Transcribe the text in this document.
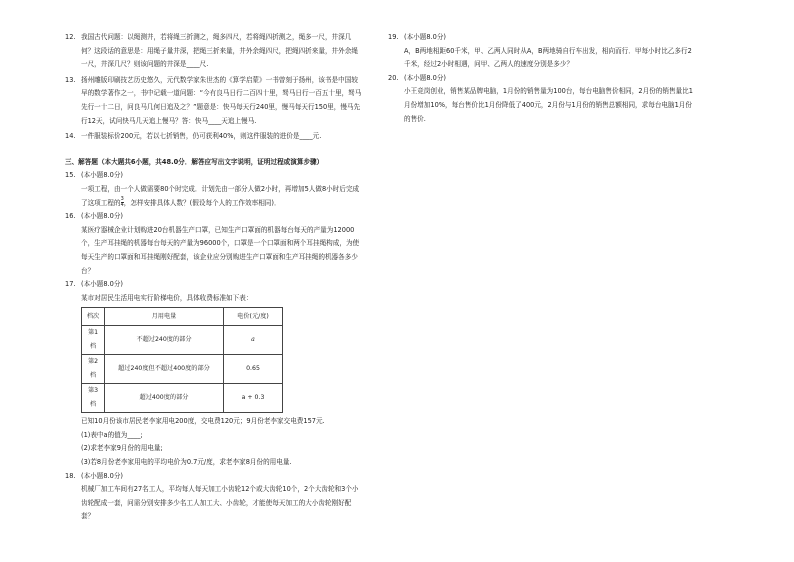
12. 我国古代问题：以绳测井，若将绳三折测之，绳多四尺，若将绳四折测之，绳多一尺，井深几何？这段话的意思是：用绳子量井深，把绳三折来量，井外余绳四尺，把绳四折来量，井外余绳一尺，井深几尺？则该问题的井深是____尺.

13. 扬州雕版印刷技艺历史悠久，元代数学家朱世杰的《算学启蒙》一书曾刻于扬州，该书是中国较早的数学著作之一，书中记载一道问题：“今有良马日行二百四十里，驽马日行一百五十里，驽马先行一十二日，问良马几何日追及之？”题意是：快马每天行240里，慢马每天行150里，慢马先行12天，试问快马几天追上慢马？答：快马____天追上慢马.

14. 一件服装标价200元，若以七折销售，仍可获利40%，则这件服装的进价是____元.

三、解答题（本大题共6小题，共48.0分．解答应写出文字说明，证明过程或演算步骤）

15. (本小题8.0分)

一项工程，由一个人做需要80个时完成．计划先由一部分人做2小时，再增加5人做8小时后完成了这项工程的 $\frac{3}{4}$ ，怎样安排具体人数？(假设每个人的工作效率相同)．

16. (本小题8.0分)

某医疗器械企业计划购进20台机器生产口罩，已知生产口罩面的机器每台每天的产量为12000个，生产耳挂绳的机器每台每天的产量为96000个，口罩是一个口罩面和两个耳挂绳构成，为使每天生产的口罩面和耳挂绳刚好配套，该企业应分别购进生产口罩面和生产耳挂绳的机器各多少台？

17. (本小题8.0分)

某市对居民生活用电实行阶梯电价，具体收费标准如下表：

档次	月用电量	电价(元/度)
第1档	不超过240度的部分	a
第2档	超过240度但不超过400度的部分	0.65
第3档	超过400度的部分	a + 0.3

已知10月份该市居民老李家用电200度，交电费120元；9月份老李家交电费157元.

(1)表中a的值为____;

(2)求老李家9月份的用电量;

(3)若8月份老李家用电的平均电价为0.7元/度，求老李家8月份的用电量.

18. (本小题8.0分)

机械厂加工车间有27名工人，平均每人每天加工小齿轮12个或大齿轮10个，2个大齿轮和3个小齿轮配成一套，问需分别安排多少名工人加工大、小齿轮，才能使每天加工的大小齿轮刚好配套？

19. (本小题8.0分)

A，B两地相距60千米，甲、乙两人同时从A，B两地骑自行车出发，相向而行．甲每小时比乙多行2千米，经过2小时相遇，问甲、乙两人的速度分别是多少？

20. (本小题8.0分)

小王竞岗创业，销售某品牌电脑，1月份的销售量为100台，每台电脑售价相同，2月份的销售量比1月份增加10%，每台售价比1月份降低了400元，2月份与1月份的销售总额相同，求每台电脑1月份的售价.
